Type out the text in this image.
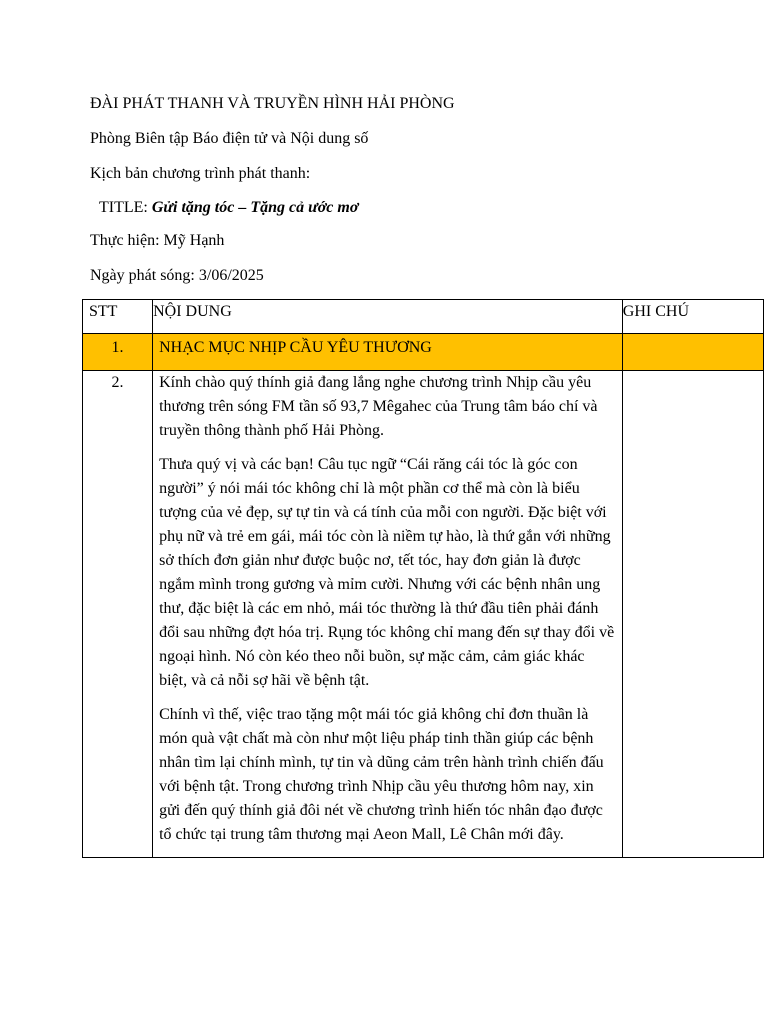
ĐÀI PHÁT THANH VÀ TRUYỀN HÌNH HẢI PHÒNG
Phòng Biên tập Báo điện tử và Nội dung số
Kịch bản chương trình phát thanh:
TITLE: Gửi tặng tóc – Tặng cả ước mơ
Thực hiện: Mỹ Hạnh
Ngày phát sóng: 3/06/2025
STT	NỘI DUNG	GHI CHÚ

1.	NHẠC MỤC NHỊP CẦU YÊU THƯƠNG	
2.	Kính chào quý thính giả đang lắng nghe chương trình Nhịp cầu yêu thương trên sóng FM tần số 93,7 Mêgahec của Trung tâm báo chí và truyền thông thành phố Hải Phòng.

Thưa quý vị và các bạn! Câu tục ngữ “Cái răng cái tóc là góc con người” ý nói mái tóc không chỉ là một phần cơ thể mà còn là biểu tượng của vẻ đẹp, sự tự tin và cá tính của mỗi con người. Đặc biệt với phụ nữ và trẻ em gái, mái tóc còn là niềm tự hào, là thứ gắn với những sở thích đơn giản như được buộc nơ, tết tóc, hay đơn giản là được ngắm mình trong gương và mỉm cười. Nhưng với các bệnh nhân ung thư, đặc biệt là các em nhỏ, mái tóc thường là thứ đầu tiên phải đánh đổi sau những đợt hóa trị. Rụng tóc không chỉ mang đến sự thay đổi về ngoại hình. Nó còn kéo theo nỗi buồn, sự mặc cảm, cảm giác khác biệt, và cả nỗi sợ hãi về bệnh tật.

Chính vì thế, việc trao tặng một mái tóc giả không chỉ đơn thuần là món quà vật chất mà còn như một liệu pháp tinh thần giúp các bệnh nhân tìm lại chính mình, tự tin và dũng cảm trên hành trình chiến đấu với bệnh tật. Trong chương trình Nhịp cầu yêu thương hôm nay, xin gửi đến quý thính giả đôi nét về chương trình hiến tóc nhân đạo được tổ chức tại trung tâm thương mại Aeon Mall, Lê Chân mới đây.	
